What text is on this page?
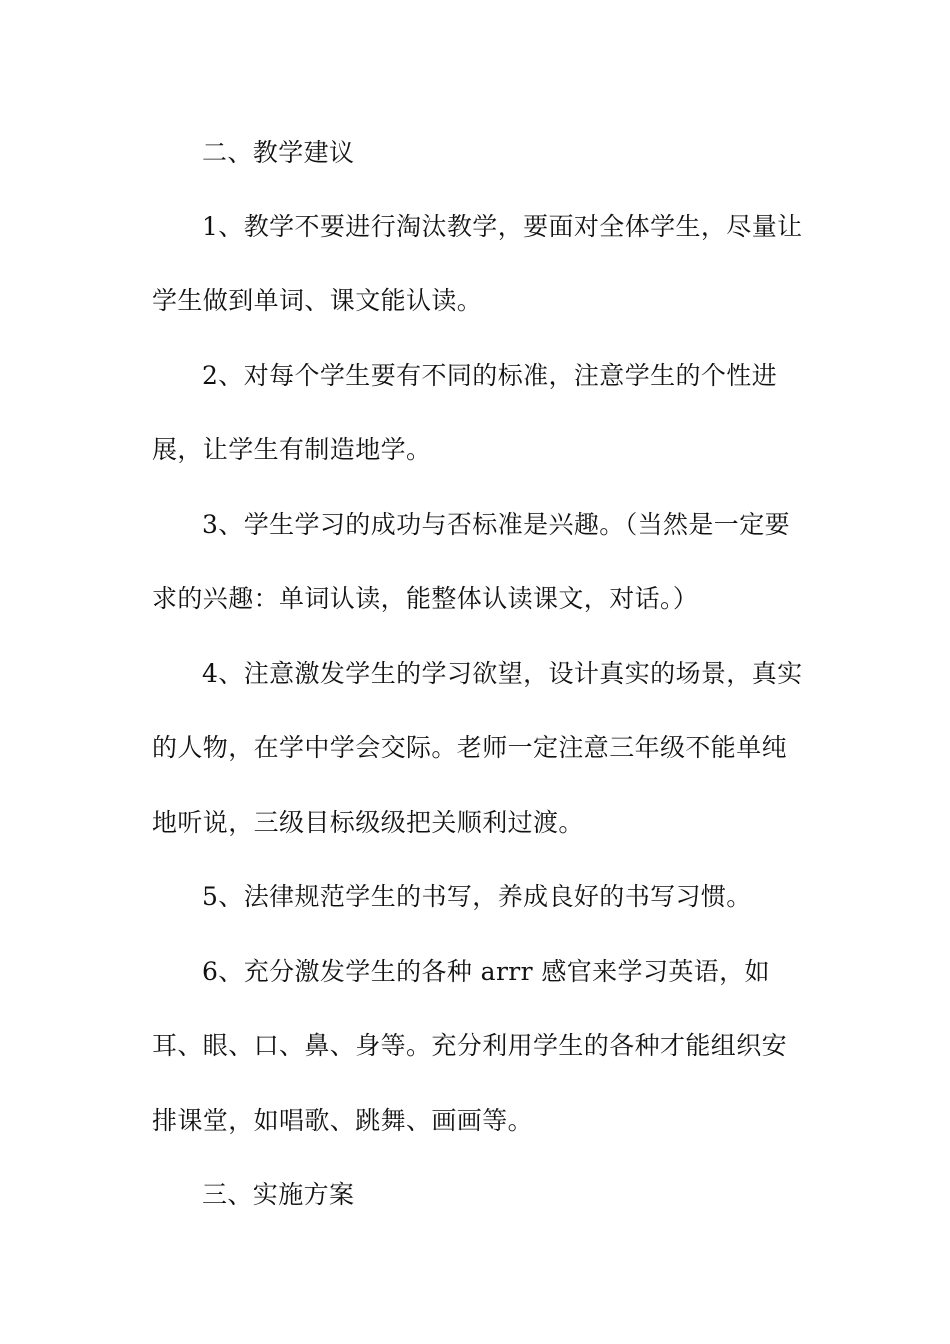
二、教学建议
1、教学不要进行淘汰教学，要面对全体学生，尽量让
学生做到单词、课文能认读。
2、对每个学生要有不同的标准，注意学生的个性进
展，让学生有制造地学。
3、学生学习的成功与否标准是兴趣。（当然是一定要
求的兴趣：单词认读，能整体认读课文，对话。）
4、注意激发学生的学习欲望，设计真实的场景，真实
的人物，在学中学会交际。老师一定注意三年级不能单纯
地听说，三级目标级级把关顺利过渡。
5、法律规范学生的书写，养成良好的书写习惯。
6、充分激发学生的各种 arrr 感官来学习英语，如
耳、眼、口、鼻、身等。充分利用学生的各种才能组织安
排课堂，如唱歌、跳舞、画画等。
三、实施方案
